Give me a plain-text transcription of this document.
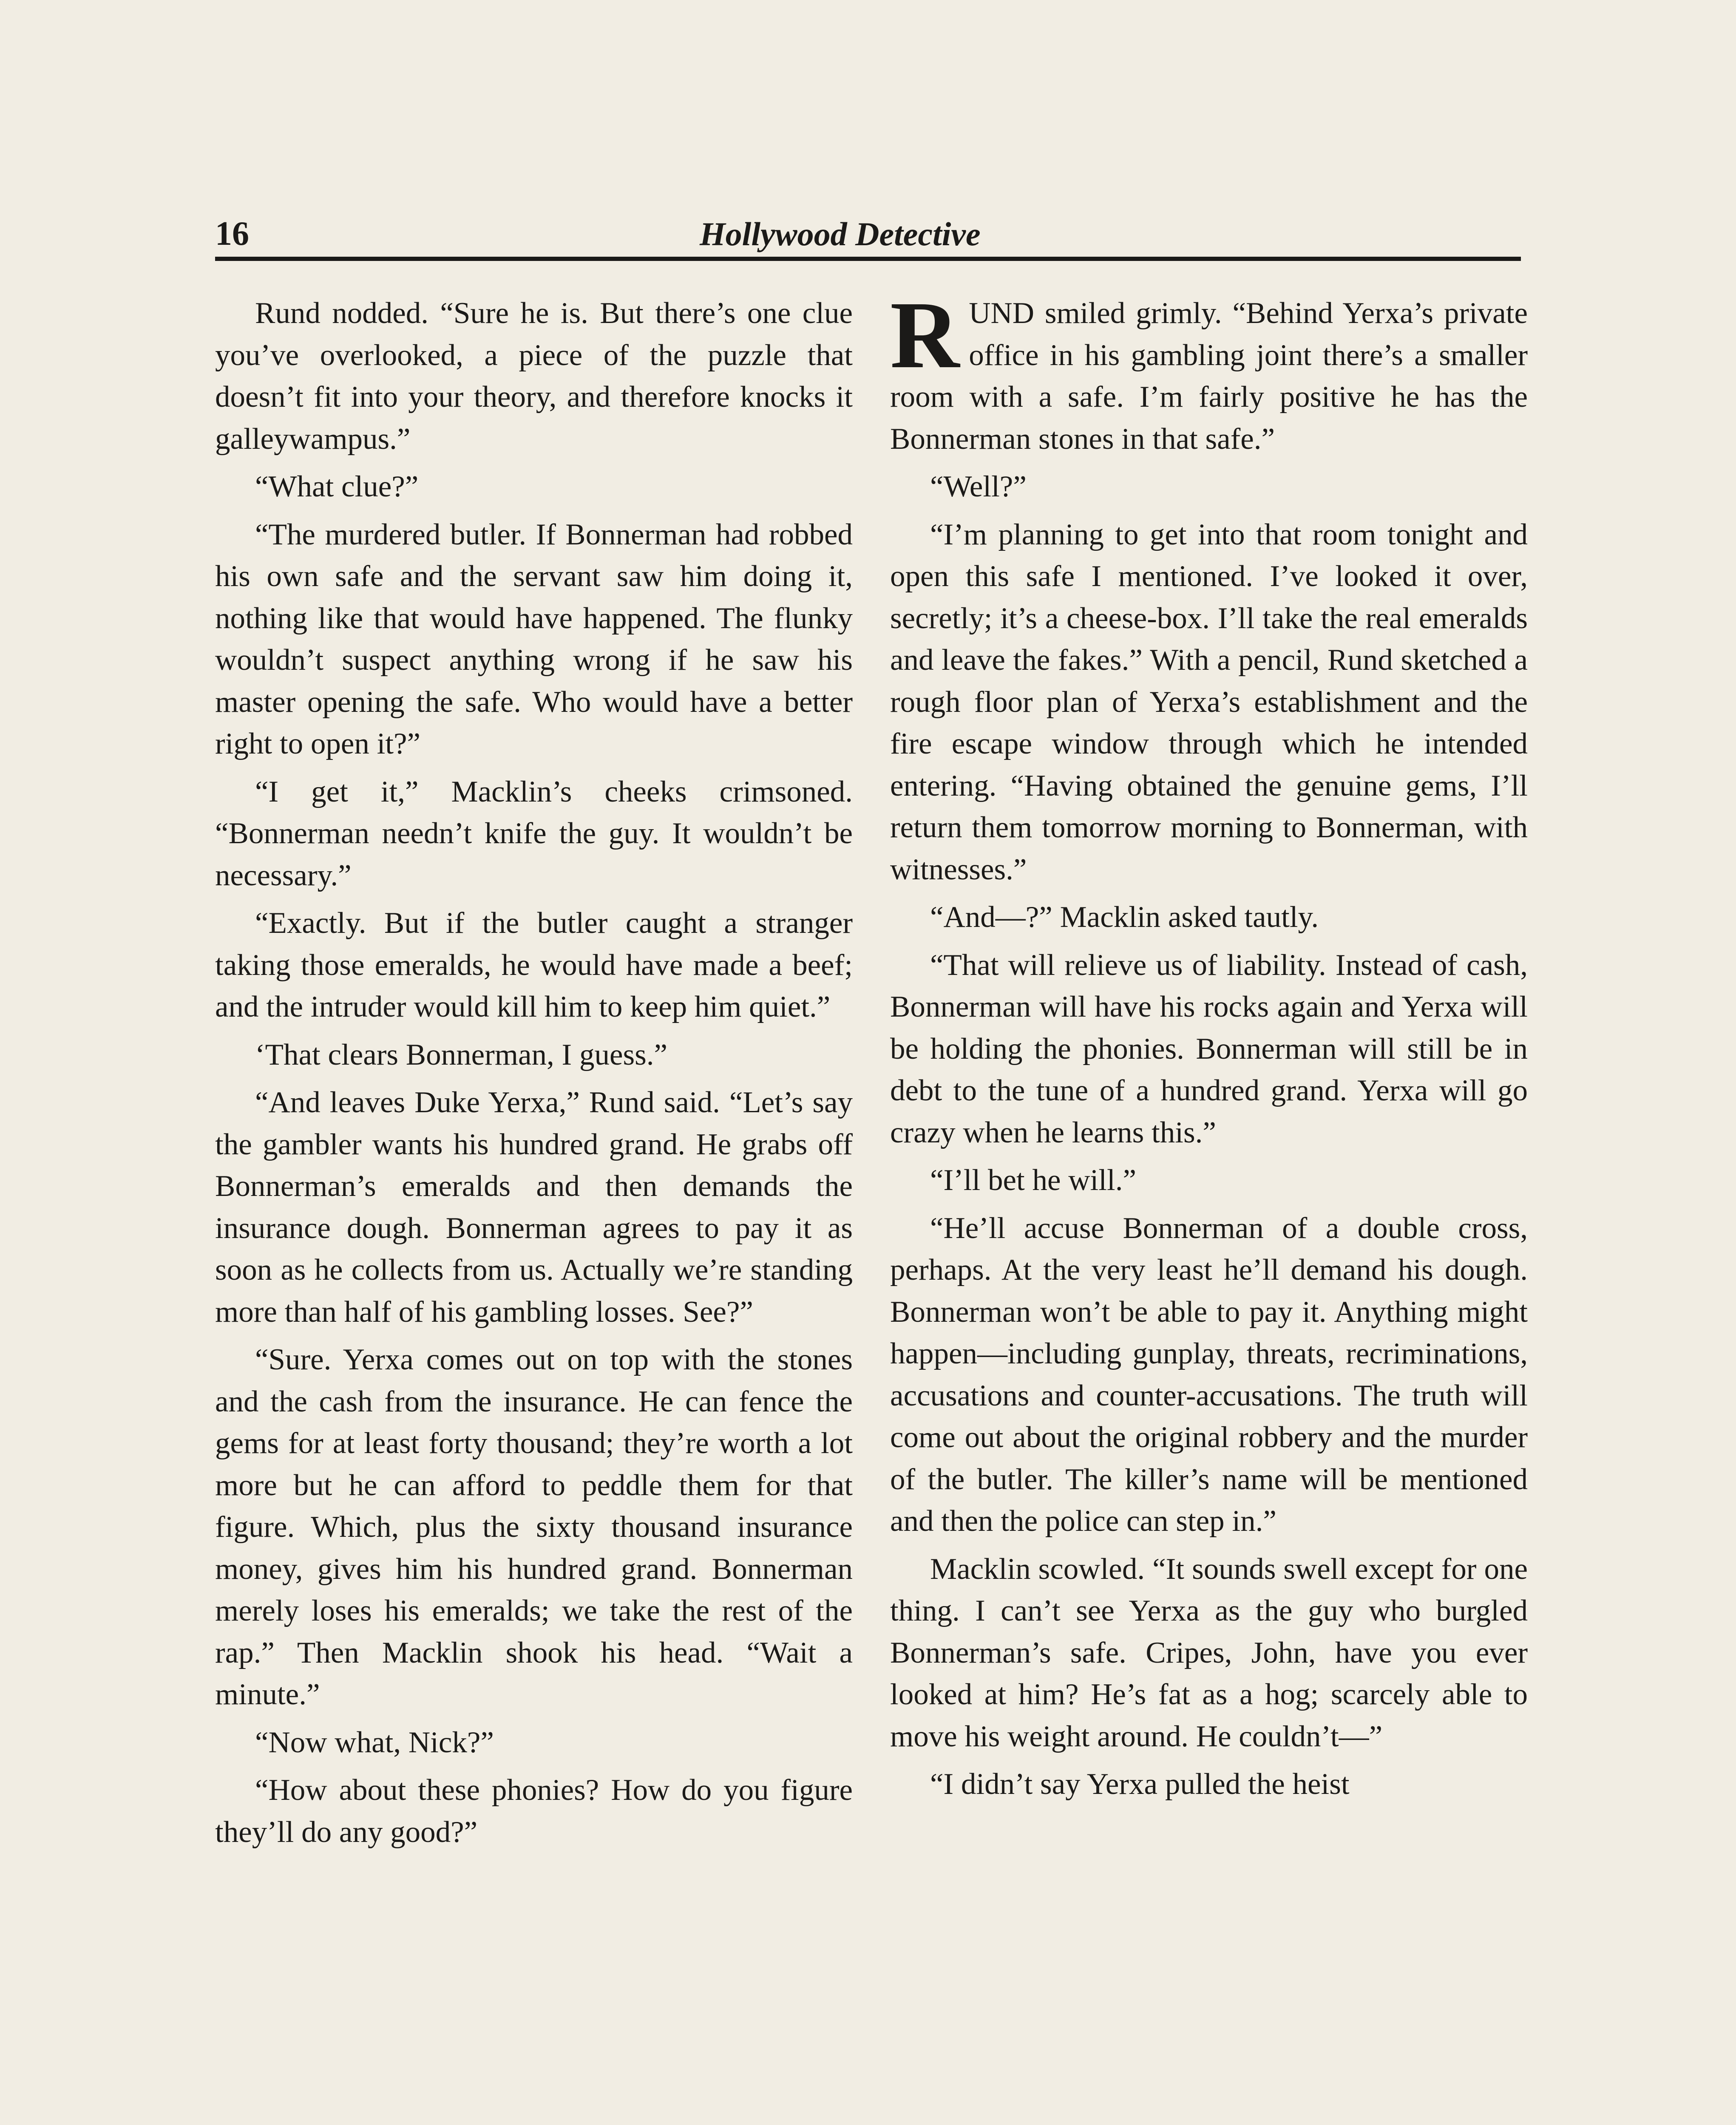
16	Hollywood Detective

Rund nodded. “Sure he is. But there’s one clue you’ve overlooked, a piece of the puzzle that doesn’t fit into your theory, and therefore knocks it galleywampus.”

“What clue?”

“The murdered butler. If Bonnerman had robbed his own safe and the servant saw him doing it, nothing like that would have happened. The flunky wouldn’t suspect anything wrong if he saw his master opening the safe. Who would have a better right to open it?”

“I get it,” Macklin’s cheeks crimsoned. “Bonnerman needn’t knife the guy. It wouldn’t be necessary.”

“Exactly. But if the butler caught a stranger taking those emeralds, he would have made a beef; and the intruder would kill him to keep him quiet.”

‘That clears Bonnerman, I guess.”

“And leaves Duke Yerxa,” Rund said. “Let’s say the gambler wants his hundred grand. He grabs off Bonnerman’s emeralds and then demands the insurance dough. Bonnerman agrees to pay it as soon as he collects from us. Actually we’re standing more than half of his gambling losses. See?”

“Sure. Yerxa comes out on top with the stones and the cash from the insurance. He can fence the gems for at least forty thousand; they’re worth a lot more but he can afford to peddle them for that figure. Which, plus the sixty thousand insurance money, gives him his hundred grand. Bonnerman merely loses his emeralds; we take the rest of the rap.” Then Macklin shook his head. “Wait a minute.”

“Now what, Nick?”

“How about these phonies? How do you figure they’ll do any good?”

RUND smiled grimly. “Behind Yerxa’s private office in his gambling joint there’s a smaller room with a safe. I’m fairly positive he has the Bonnerman stones in that safe.”

“Well?”

“I’m planning to get into that room tonight and open this safe I mentioned. I’ve looked it over, secretly; it’s a cheese-box. I’ll take the real emeralds and leave the fakes.” With a pencil, Rund sketched a rough floor plan of Yerxa’s establishment and the fire escape window through which he intended entering. “Having obtained the genuine gems, I’ll return them tomorrow morning to Bonnerman, with witnesses.”

“And—?” Macklin asked tautly.

“That will relieve us of liability. Instead of cash, Bonnerman will have his rocks again and Yerxa will be holding the phonies. Bonnerman will still be in debt to the tune of a hundred grand. Yerxa will go crazy when he learns this.”

“I’ll bet he will.”

“He’ll accuse Bonnerman of a double cross, perhaps. At the very least he’ll demand his dough. Bonnerman won’t be able to pay it. Anything might happen—including gunplay, threats, recriminations, accusations and counter-accusations. The truth will come out about the original robbery and the murder of the butler. The killer’s name will be mentioned and then the police can step in.”

Macklin scowled. “It sounds swell except for one thing. I can’t see Yerxa as the guy who burgled Bonnerman’s safe. Cripes, John, have you ever looked at him? He’s fat as a hog; scarcely able to move his weight around. He couldn’t—”

“I didn’t say Yerxa pulled the heist
